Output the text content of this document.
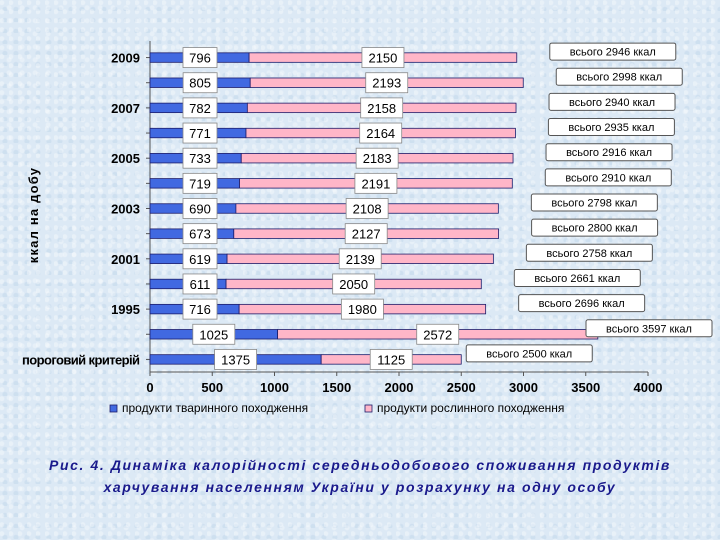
ккал на добу
0	500	1000	1500	2000	2500	3000	3500	4000
2009
2007
2005
2003
2001
1995
пороговий критерій
796	2150
805	2193
782	2158
771	2164
733	2183
719	2191
690	2108
673	2127
619	2139
611	2050
716	1980
1025	2572
1375	1125
всього 2946 ккал
всього 2998 ккал
всього 2940 ккал
всього 2935 ккал
всього 2916 ккал
всього 2910 ккал
всього 2798 ккал
всього 2800 ккал
всього 2758 ккал
всього 2661 ккал
всього 2696 ккал
всього 3597 ккал
всього 2500 ккал
продукти тваринного походження	продукти рослинного походження
Рис. 4. Динаміка калорійності середньодобового споживання продуктів
харчування населенням України у розрахунку на одну особу
